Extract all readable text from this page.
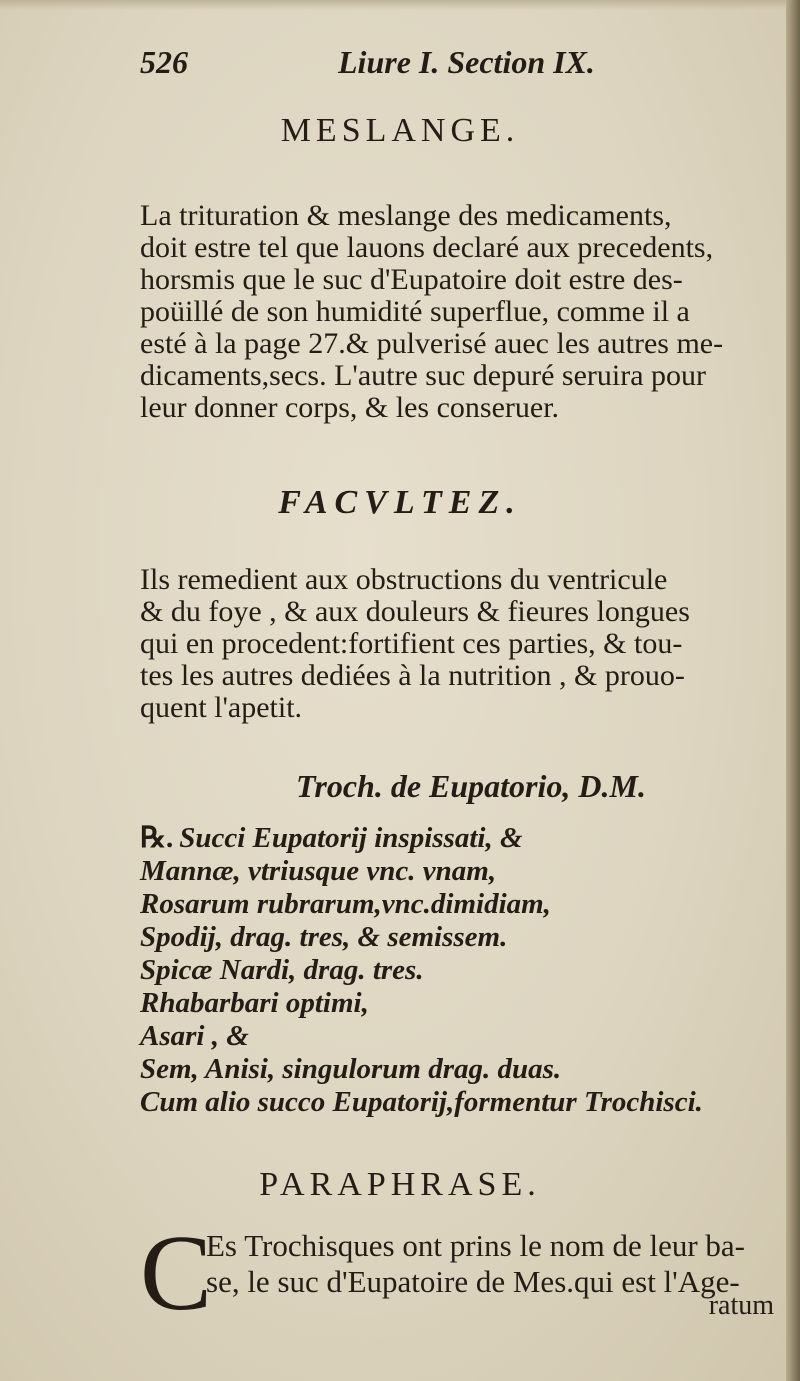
526	Liure I. Section IX.
MESLANGE.
La trituration & meslange des medicaments,
doit estre tel que lauons declaré aux precedents,
horsmis que le suc d'Eupatoire doit estre des-
poüillé de son humidité superflue, comme il a
esté à la page 27.& pulverisé auec les autres me-
dicaments,secs. L'autre suc depuré seruira pour
leur donner corps, & les conseruer.
FACVLTEZ.
Ils remedient aux obstructions du ventricule
& du foye , & aux douleurs & fieures longues
qui en procedent:fortifient ces parties, & tou-
tes les autres dediées à la nutrition , & prouo-
quent l'apetit.
Troch. de Eupatorio, D.M.
℞. Succi Eupatorij inspissati, &
Mannæ, vtriusque vnc. vnam,
Rosarum rubrarum,vnc.dimidiam,
Spodij, drag. tres, & semissem.
Spicæ Nardi, drag. tres.
Rhabarbari optimi,
Asari , &
Sem, Anisi, singulorum drag. duas.
Cum alio succo Eupatorij,formentur Trochisci.
PARAPHRASE.
C
Es Trochisques ont prins le nom de leur ba-
se, le suc d'Eupatoire de Mes.qui est l'Age-
ratum
